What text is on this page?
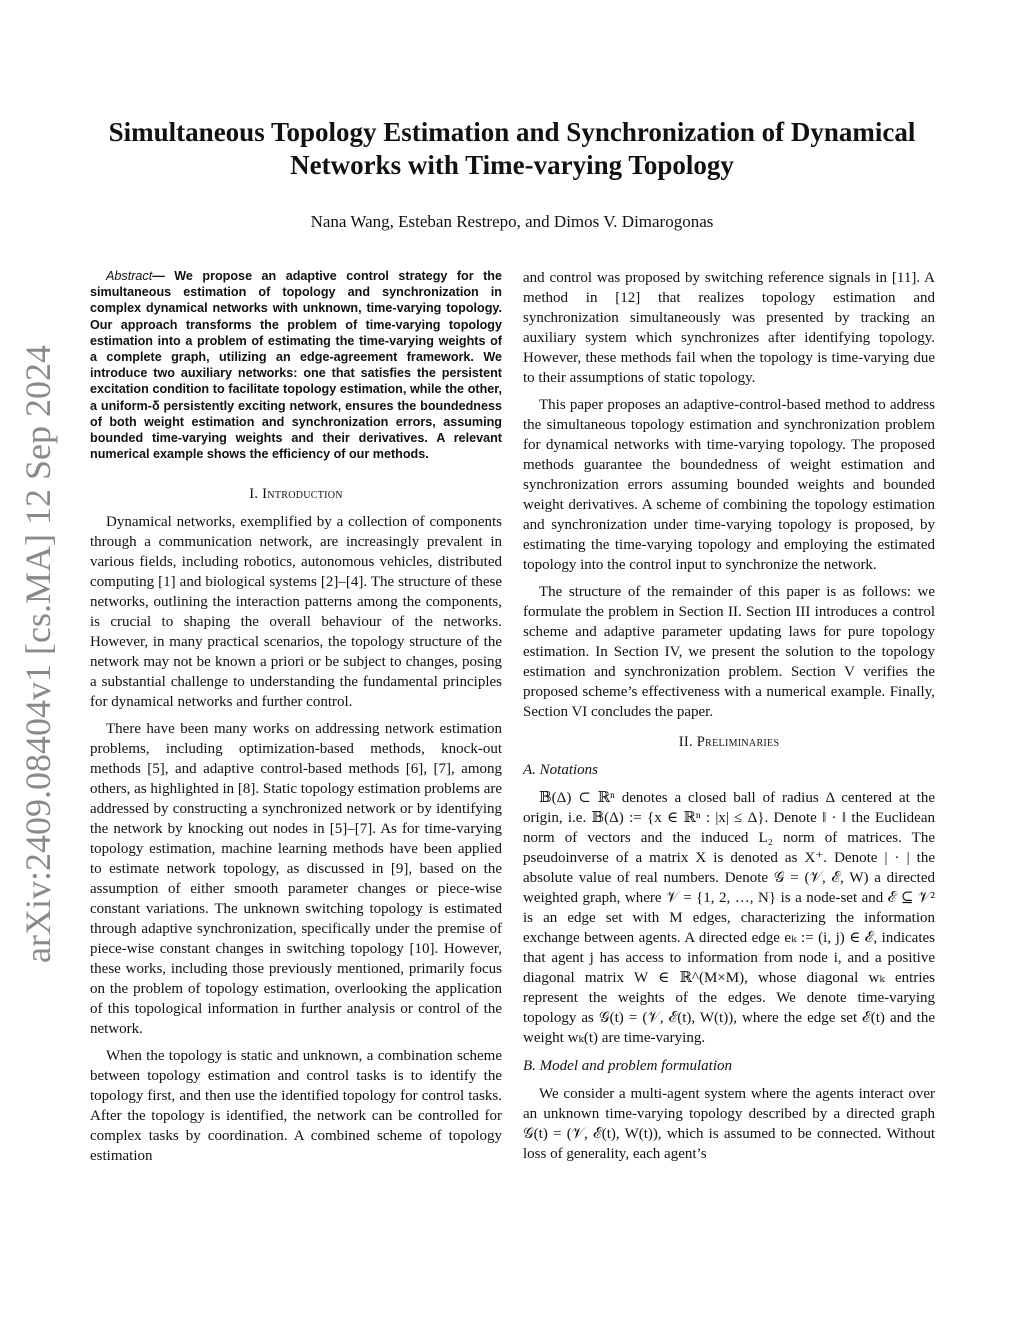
arXiv:2409.08404v1 [cs.MA] 12 Sep 2024
Simultaneous Topology Estimation and Synchronization of Dynamical Networks with Time-varying Topology

Nana Wang, Esteban Restrepo, and Dimos V. Dimarogonas

Abstract— We propose an adaptive control strategy for the simultaneous estimation of topology and synchronization in complex dynamical networks with unknown, time-varying topology. Our approach transforms the problem of time-varying topology estimation into a problem of estimating the time-varying weights of a complete graph, utilizing an edge-agreement framework. We introduce two auxiliary networks: one that satisfies the persistent excitation condition to facilitate topology estimation, while the other, a uniform-δ persistently exciting network, ensures the boundedness of both weight estimation and synchronization errors, assuming bounded time-varying weights and their derivatives. A relevant numerical example shows the efficiency of our methods.

I. Introduction

Dynamical networks, exemplified by a collection of components through a communication network, are increasingly prevalent in various fields, including robotics, autonomous vehicles, distributed computing [1] and biological systems [2]–[4]. The structure of these networks, outlining the interaction patterns among the components, is crucial to shaping the overall behaviour of the networks. However, in many practical scenarios, the topology structure of the network may not be known a priori or be subject to changes, posing a substantial challenge to understanding the fundamental principles for dynamical networks and further control.

There have been many works on addressing network estimation problems, including optimization-based methods, knock-out methods [5], and adaptive control-based methods [6], [7], among others, as highlighted in [8]. Static topology estimation problems are addressed by constructing a synchronized network or by identifying the network by knocking out nodes in [5]–[7]. As for time-varying topology estimation, machine learning methods have been applied to estimate network topology, as discussed in [9], based on the assumption of either smooth parameter changes or piece-wise constant variations. The unknown switching topology is estimated through adaptive synchronization, specifically under the premise of piece-wise constant changes in switching topology [10]. However, these works, including those previously mentioned, primarily focus on the problem of topology estimation, overlooking the application of this topological information in further analysis or control of the network.

When the topology is static and unknown, a combination scheme between topology estimation and control tasks is to identify the topology first, and then use the identified topology for control tasks. After the topology is identified, the network can be controlled for complex tasks by coordination. A combined scheme of topology estimation

and control was proposed by switching reference signals in [11]. A method in [12] that realizes topology estimation and synchronization simultaneously was presented by tracking an auxiliary system which synchronizes after identifying topology. However, these methods fail when the topology is time-varying due to their assumptions of static topology.

This paper proposes an adaptive-control-based method to address the simultaneous topology estimation and synchronization problem for dynamical networks with time-varying topology. The proposed methods guarantee the boundedness of weight estimation and synchronization errors assuming bounded weights and bounded weight derivatives. A scheme of combining the topology estimation and synchronization under time-varying topology is proposed, by estimating the time-varying topology and employing the estimated topology into the control input to synchronize the network.

The structure of the remainder of this paper is as follows: we formulate the problem in Section II. Section III introduces a control scheme and adaptive parameter updating laws for pure topology estimation. In Section IV, we present the solution to the topology estimation and synchronization problem. Section V verifies the proposed scheme’s effectiveness with a numerical example. Finally, Section VI concludes the paper.

II. Preliminaries
A. Notations

𝔹(Δ) ⊂ ℝⁿ denotes a closed ball of radius Δ centered at the origin, i.e. 𝔹(Δ) := {x ∈ ℝⁿ : |x| ≤ Δ}. Denote ‖ · ‖ the Euclidean norm of vectors and the induced L₂ norm of matrices. The pseudoinverse of a matrix X is denoted as X⁺. Denote | · | the absolute value of real numbers. Denote 𝒢 = (𝒱, ℰ, W) a directed weighted graph, where 𝒱 = {1, 2, …, N} is a node-set and ℰ ⊆ 𝒱² is an edge set with M edges, characterizing the information exchange between agents. A directed edge eₖ := (i, j) ∈ ℰ, indicates that agent j has access to information from node i, and a positive diagonal matrix W ∈ ℝ^(M×M), whose diagonal wₖ entries represent the weights of the edges. We denote time-varying topology as 𝒢(t) = (𝒱, ℰ(t), W(t)), where the edge set ℰ(t) and the weight wₖ(t) are time-varying.

B. Model and problem formulation

We consider a multi-agent system where the agents interact over an unknown time-varying topology described by a directed graph 𝒢(t) = (𝒱, ℰ(t), W(t)), which is assumed to be connected. Without loss of generality, each agent’s
